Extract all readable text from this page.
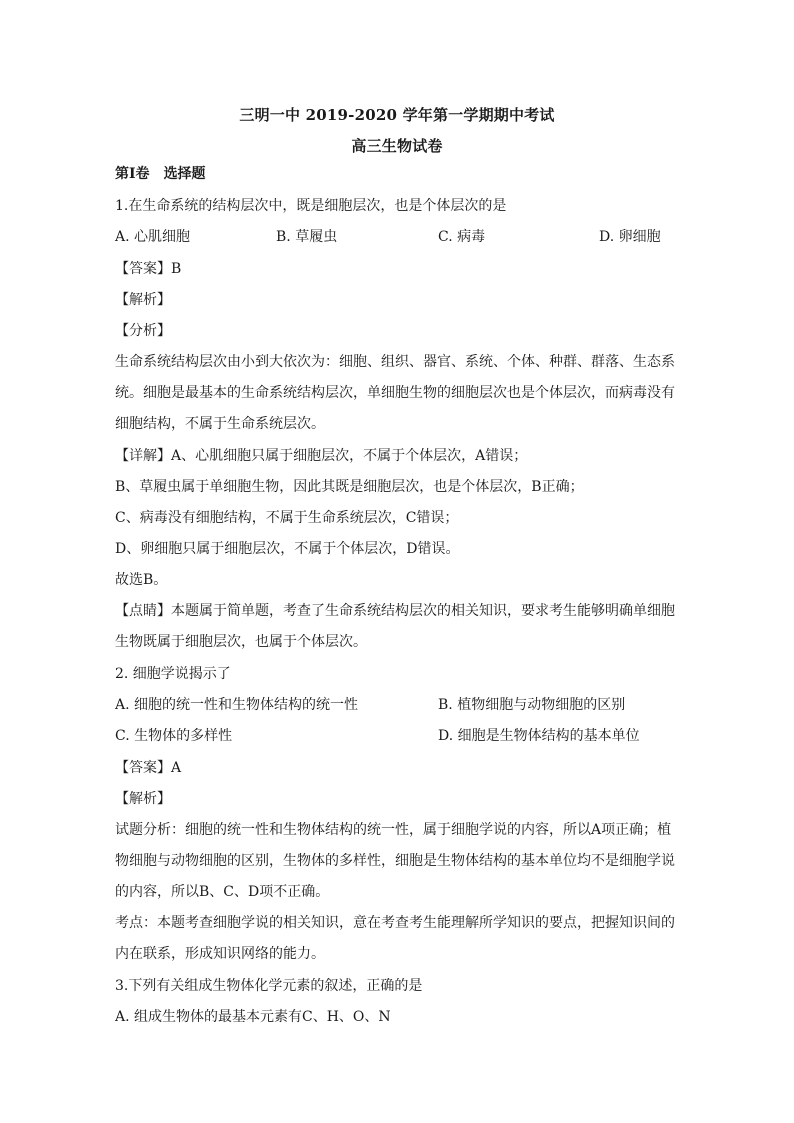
三明一中 2019-2020 学年第一学期期中考试
高三生物试卷
第Ⅰ卷 选择题
1.在生命系统的结构层次中，既是细胞层次，也是个体层次的是
A. 心肌细胞	B. 草履虫	C. 病毒	D. 卵细胞
【答案】B
【解析】
【分析】
生命系统结构层次由小到大依次为：细胞、组织、器官、系统、个体、种群、群落、生态系
统。细胞是最基本的生命系统结构层次，单细胞生物的细胞层次也是个体层次，而病毒没有
细胞结构，不属于生命系统层次。
【详解】A、心肌细胞只属于细胞层次，不属于个体层次，A错误；
B、草履虫属于单细胞生物，因此其既是细胞层次，也是个体层次，B正确；
C、病毒没有细胞结构，不属于生命系统层次，C错误；
D、卵细胞只属于细胞层次，不属于个体层次，D错误。
故选B。
【点睛】本题属于简单题，考查了生命系统结构层次的相关知识，要求考生能够明确单细胞
生物既属于细胞层次，也属于个体层次。
2. 细胞学说揭示了
A. 细胞的统一性和生物体结构的统一性	B. 植物细胞与动物细胞的区别
C. 生物体的多样性	D. 细胞是生物体结构的基本单位
【答案】A
【解析】
试题分析：细胞的统一性和生物体结构的统一性，属于细胞学说的内容，所以A项正确；植
物细胞与动物细胞的区别，生物体的多样性，细胞是生物体结构的基本单位均不是细胞学说
的内容，所以B、C、D项不正确。
考点：本题考查细胞学说的相关知识，意在考查考生能理解所学知识的要点，把握知识间的
内在联系，形成知识网络的能力。
3.下列有关组成生物体化学元素的叙述，正确的是
A. 组成生物体的最基本元素有C、H、O、N
